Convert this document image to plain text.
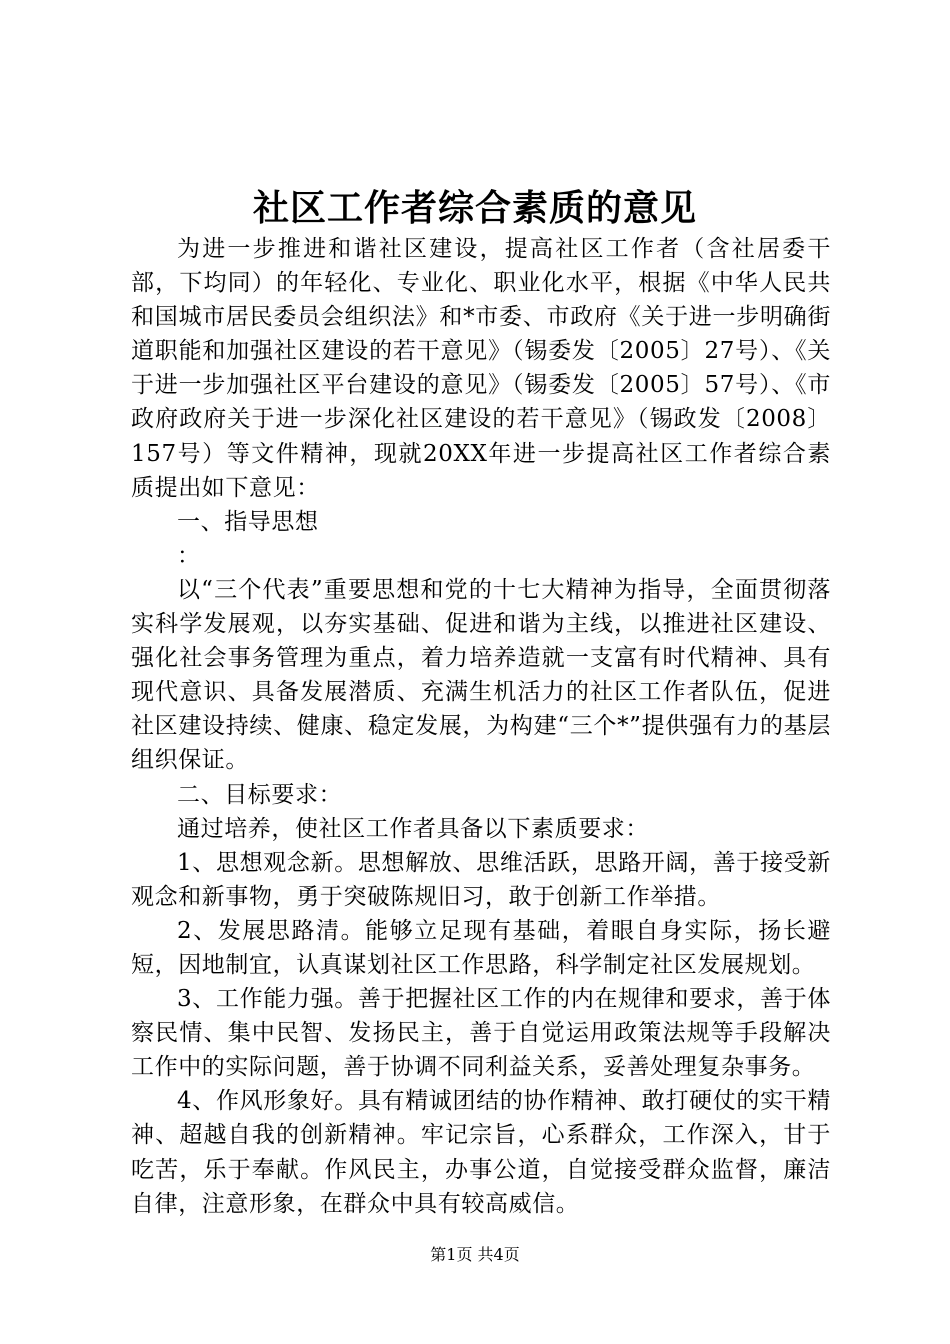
社区工作者综合素质的意见

为进一步推进和谐社区建设，提高社区工作者（含社居委干部，下均同）的年轻化、专业化、职业化水平，根据《中华人民共和国城市居民委员会组织法》和*市委、市政府《关于进一步明确街道职能和加强社区建设的若干意见》（锡委发〔2005〕27号）、《关于进一步加强社区平台建设的意见》（锡委发〔2005〕57号）、《市政府政府关于进一步深化社区建设的若干意见》（锡政发〔2008〕157号）等文件精神，现就20XX年进一步提高社区工作者综合素质提出如下意见：

一、指导思想

：

以“三个代表”重要思想和党的十七大精神为指导，全面贯彻落实科学发展观，以夯实基础、促进和谐为主线，以推进社区建设、强化社会事务管理为重点，着力培养造就一支富有时代精神、具有现代意识、具备发展潜质、充满生机活力的社区工作者队伍，促进社区建设持续、健康、稳定发展，为构建“三个*”提供强有力的基层组织保证。

二、目标要求：

通过培养，使社区工作者具备以下素质要求：

1、思想观念新。思想解放、思维活跃，思路开阔，善于接受新观念和新事物，勇于突破陈规旧习，敢于创新工作举措。

2、发展思路清。能够立足现有基础，着眼自身实际，扬长避短，因地制宜，认真谋划社区工作思路，科学制定社区发展规划。

3、工作能力强。善于把握社区工作的内在规律和要求，善于体察民情、集中民智、发扬民主，善于自觉运用政策法规等手段解决工作中的实际问题，善于协调不同利益关系，妥善处理复杂事务。

4、作风形象好。具有精诚团结的协作精神、敢打硬仗的实干精神、超越自我的创新精神。牢记宗旨，心系群众，工作深入，甘于吃苦，乐于奉献。作风民主，办事公道，自觉接受群众监督，廉洁自律，注意形象，在群众中具有较高威信。

第1页 共4页
